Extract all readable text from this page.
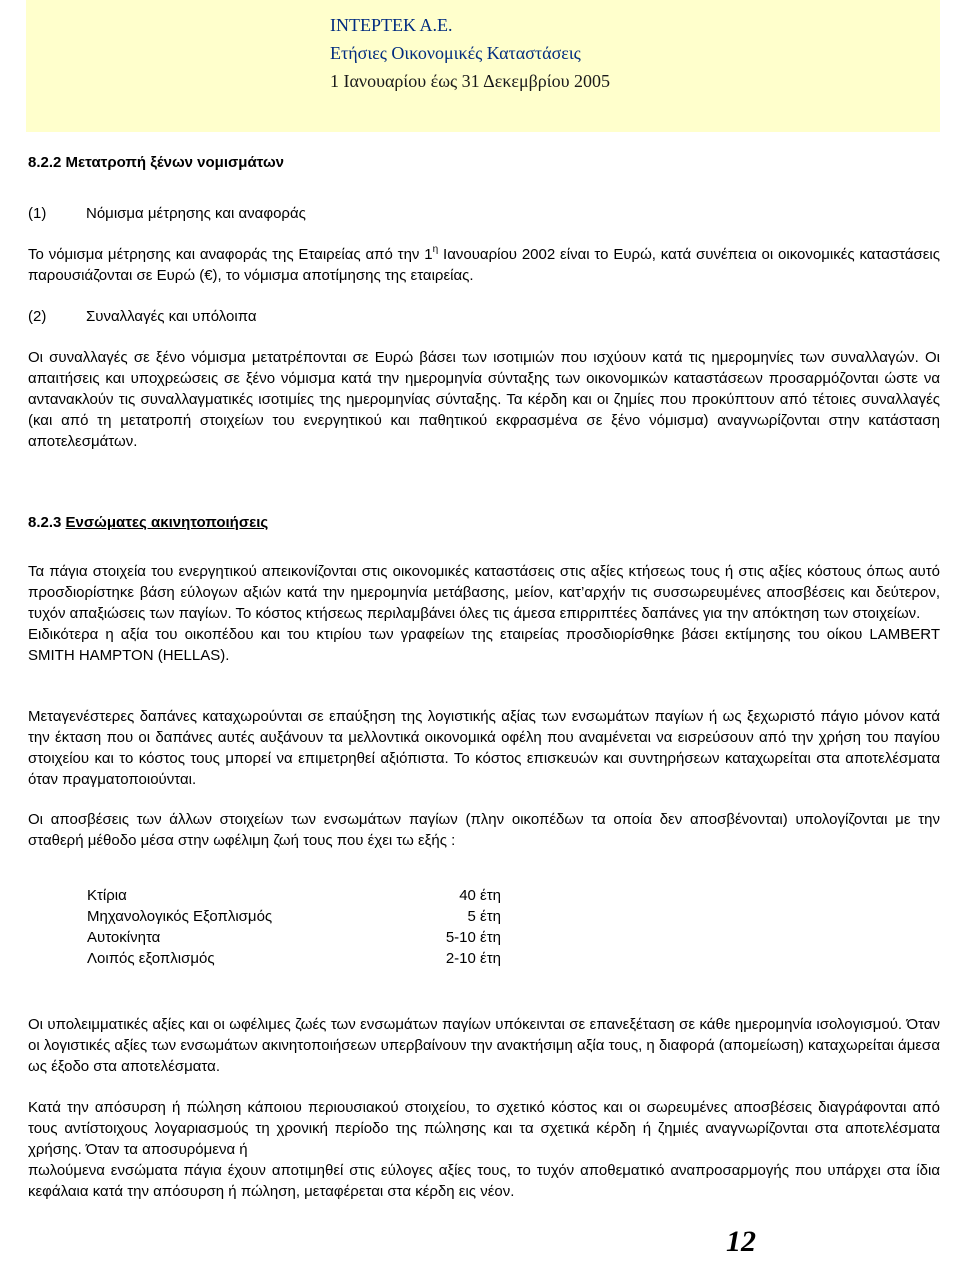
INTEPTEK A.E.
Ετήσιες Οικονομικές Καταστάσεις
1 Ιανουαρίου έως 31 Δεκεμβρίου 2005
8.2.2 Μετατροπή ξένων νομισμάτων
(1)	Νόμισμα μέτρησης και αναφοράς
Το νόμισμα μέτρησης και αναφοράς της Εταιρείας από την $1^\eta$ Ιανουαρίου 2002 είναι το Ευρώ, κατά συνέπεια οι οικονομικές καταστάσεις παρουσιάζονται σε Ευρώ (€), το νόμισμα αποτίμησης της εταιρείας.
(2)	Συναλλαγές και υπόλοιπα
Οι συναλλαγές σε ξένο νόμισμα μετατρέπονται σε Ευρώ βάσει των ισοτιμιών που ισχύουν κατά τις ημερομηνίες των συναλλαγών. Οι απαιτήσεις και υποχρεώσεις σε ξένο νόμισμα κατά την ημερομηνία σύνταξης των οικονομικών καταστάσεων προσαρμόζονται ώστε να αντανακλούν τις συναλλαγματικές ισοτιμίες της ημερομηνίας σύνταξης. Τα κέρδη και οι ζημίες που προκύπτουν από τέτοιες συναλλαγές (και από τη μετατροπή στοιχείων του ενεργητικού και παθητικού εκφρασμένα σε ξένο νόμισμα) αναγνωρίζονται στην κατάσταση αποτελεσμάτων.
8.2.3 Ενσώματες ακινητοποιήσεις
Τα πάγια στοιχεία του ενεργητικού απεικονίζονται στις οικονομικές καταστάσεις στις αξίες κτήσεως τους ή στις αξίες κόστους όπως αυτό προσδιορίστηκε βάση εύλογων αξιών κατά την ημερομηνία μετάβασης, μείον, κατ’αρχήν τις συσσωρευμένες αποσβέσεις και δεύτερον, τυχόν απαξιώσεις των παγίων. Το κόστος κτήσεως περιλαμβάνει όλες τις άμεσα επιρριπτέες δαπάνες για την απόκτηση των στοιχείων.
Ειδικότερα η αξία του οικοπέδου και του κτιρίου των γραφείων της εταιρείας προσδιορίσθηκε βάσει εκτίμησης του οίκου LAMBERT SMITH HAMPTON (HELLAS).
Μεταγενέστερες δαπάνες καταχωρούνται σε επαύξηση της λογιστικής αξίας των ενσωμάτων παγίων ή ως ξεχωριστό πάγιο μόνον κατά την έκταση που οι δαπάνες αυτές αυξάνουν τα μελλοντικά οικονομικά οφέλη που αναμένεται να εισρεύσουν από την χρήση του παγίου στοιχείου και το κόστος τους μπορεί να επιμετρηθεί αξιόπιστα. Το κόστος επισκευών και συντηρήσεων καταχωρείται στα αποτελέσματα όταν πραγματοποιούνται.
Οι αποσβέσεις των άλλων στοιχείων των ενσωμάτων παγίων (πλην οικοπέδων τα οποία δεν αποσβένονται) υπολογίζονται με την σταθερή μέθοδο μέσα στην ωφέλιμη ζωή τους που έχει τω εξής :
Κτίρια	40 έτη
Μηχανολογικός Εξοπλισμός	5 έτη
Αυτοκίνητα	5-10 έτη
Λοιπός εξοπλισμός	2-10 έτη
Οι υπολειμματικές αξίες και οι ωφέλιμες ζωές των ενσωμάτων παγίων υπόκεινται σε επανεξέταση σε κάθε ημερομηνία ισολογισμού. Όταν οι λογιστικές αξίες των ενσωμάτων ακινητοποιήσεων υπερβαίνουν την ανακτήσιμη αξία τους, η διαφορά (απομείωση) καταχωρείται άμεσα ως έξοδο στα αποτελέσματα.
Κατά την απόσυρση ή πώληση κάποιου περιουσιακού στοιχείου, το σχετικό κόστος και οι σωρευμένες αποσβέσεις διαγράφονται από τους αντίστοιχους λογαριασμούς τη χρονική περίοδο της πώλησης και τα σχετικά κέρδη ή ζημιές αναγνωρίζονται στα αποτελέσματα χρήσης. Όταν τα αποσυρόμενα ή
πωλούμενα ενσώματα πάγια έχουν αποτιμηθεί στις εύλογες αξίες τους, το τυχόν αποθεματικό αναπροσαρμογής που υπάρχει στα ίδια κεφάλαια κατά την απόσυρση ή πώληση, μεταφέρεται στα κέρδη εις νέον.
12
